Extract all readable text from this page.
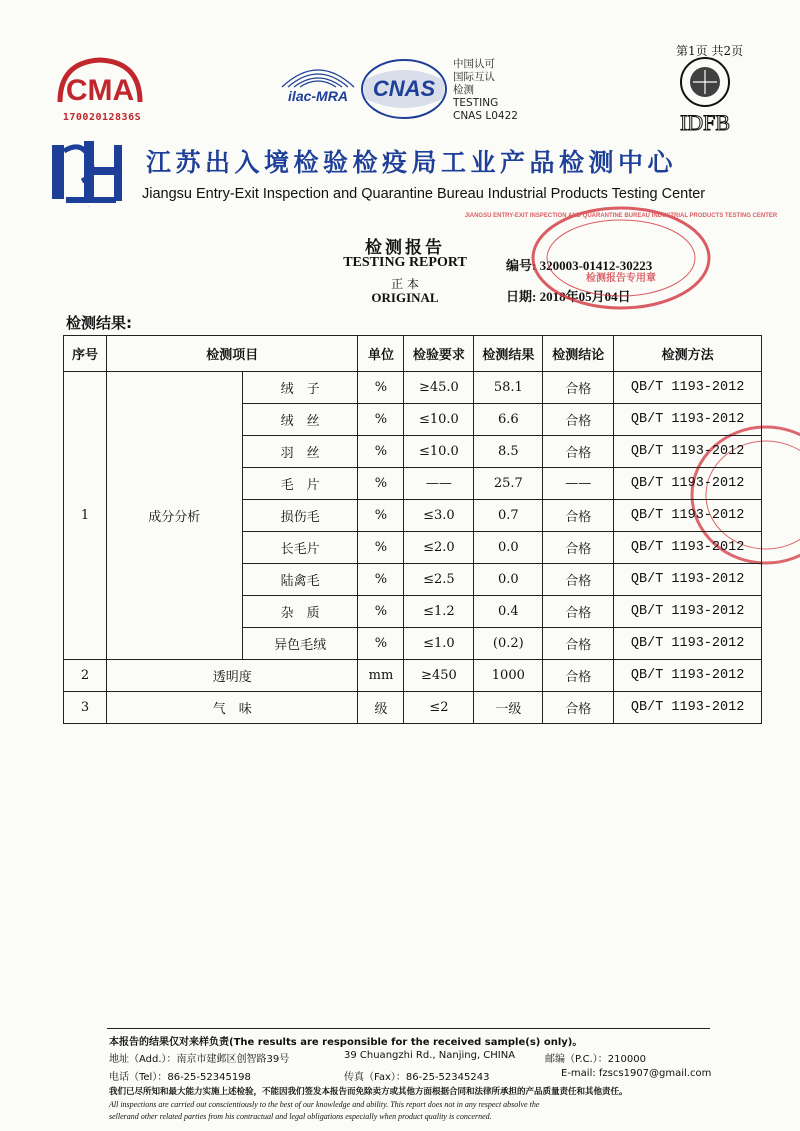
CMA
17002012836S
ilac-MRA CNAS
中国认可
国际互认
检测
TESTING
CNAS L0422
第1页 共2页
IDFB
JSL
江苏出入境检验检疫局工业产品检测中心
Jiangsu Entry-Exit Inspection and Quarantine Bureau Industrial Products Testing Center
检测报告
TESTING REPORT
正 本
ORIGINAL
编号: 320003-01412-30223
日期: 2018年05月04日
JIANGSU ENTRY-EXIT INSPECTION AND QUARANTINE BUREAU INDUSTRIAL PRODUCTS TESTING CENTER
检测报告专用章
检测结果:
序号	检测项目		单位	检验要求	检测结果	检测结论	检测方法
1	成分分析	绒　子	%	≥45.0	58.1	合格	QB/T 1193-2012
		绒　丝	%	≤10.0	6.6	合格	QB/T 1193-2012
		羽　丝	%	≤10.0	8.5	合格	QB/T 1193-2012
		毛　片	%	——	25.7	——	QB/T 1193-2012
		损伤毛	%	≤3.0	0.7	合格	QB/T 1193-2012
		长毛片	%	≤2.0	0.0	合格	QB/T 1193-2012
		陆禽毛	%	≤2.5	0.0	合格	QB/T 1193-2012
		杂　质	%	≤1.2	0.4	合格	QB/T 1193-2012
		异色毛绒	%	≤1.0	(0.2)	合格	QB/T 1193-2012
2	透明度		mm	≥450	1000	合格	QB/T 1193-2012
3	气　味		级	≤2	一级	合格	QB/T 1193-2012
本报告的结果仅对来样负责(The results are responsible for the received sample(s) only)。
地址（Add.）：南京市建邺区创智路39号	39 Chuangzhi Rd., Nanjing, CHINA	邮编（P.C.）：210000
电话（Tel）：86-25-52345198	传真（Fax）：86-25-52345243	E-mail: fzscs1907@gmail.com
我们已尽所知和最大能力实施上述检验，不能因我们签发本报告而免除卖方或其他方面根据合同和法律所承担的产品质量责任和其他责任。
All inspections are carried out conscientiously to the best of our knowledge and ability. This report does not in any respect absolve the
sellerand other related parties from his contractual and legal obligations especially when product quality is concerned.
